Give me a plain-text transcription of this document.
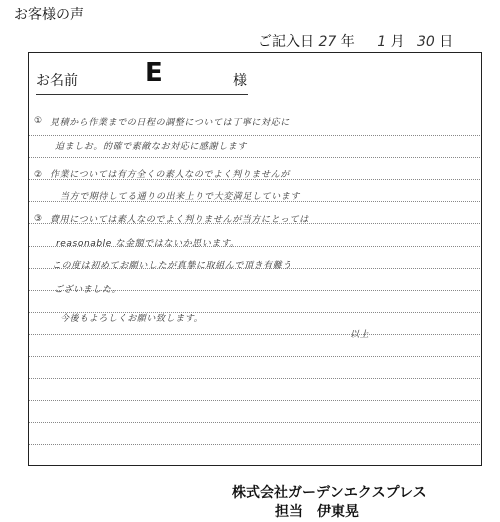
お客様の声
ご記入日 27 年 1 月 30 日
お名前	E	様
① 見積から作業までの日程の調整については丁寧に対応に
迫ましお。的確で素敵なお対応に感謝します
② 作業については有方全くの素人なのでよく判りませんが
当方で期待してる通りの出来上りで大変満足しています
③ 費用については素人なのでよく判りませんが当方にとっては
reasonable な金額ではないか思います。
この度は初めてお願いしたが真摯に取組んで頂き有難う
ございました。
今後もよろしくお願い致します。
以上
株式会社ガーデンエクスプレス
担当　伊東晃
